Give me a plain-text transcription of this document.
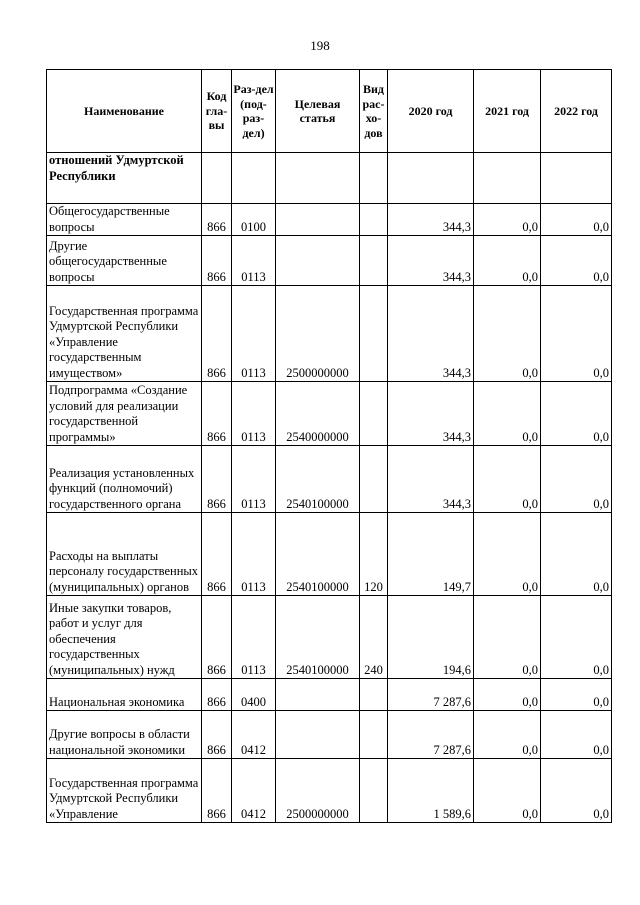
198
Наименование	Код гла-вы	Раз-дел (под-раз-дел)	Целевая статья	Вид рас-хо-дов	2020 год	2021 год	2022 год
отношений Удмуртской Республики							
Общегосударственные вопросы	866	0100			344,3	0,0	0,0
Другие общегосударственные вопросы	866	0113			344,3	0,0	0,0
Государственная программа Удмуртской Республики «Управление государственным имуществом»	866	0113	2500000000		344,3	0,0	0,0
Подпрограмма «Создание условий для реализации государственной программы»	866	0113	2540000000		344,3	0,0	0,0
Реализация установленных функций (полномочий) государственного органа	866	0113	2540100000		344,3	0,0	0,0
Расходы на выплаты персоналу государственных (муниципальных) органов	866	0113	2540100000	120	149,7	0,0	0,0
Иные закупки товаров, работ и услуг для обеспечения государственных (муниципальных) нужд	866	0113	2540100000	240	194,6	0,0	0,0
Национальная экономика	866	0400			7 287,6	0,0	0,0
Другие вопросы в области национальной экономики	866	0412			7 287,6	0,0	0,0
Государственная программа Удмуртской Республики «Управление	866	0412	2500000000		1 589,6	0,0	0,0
